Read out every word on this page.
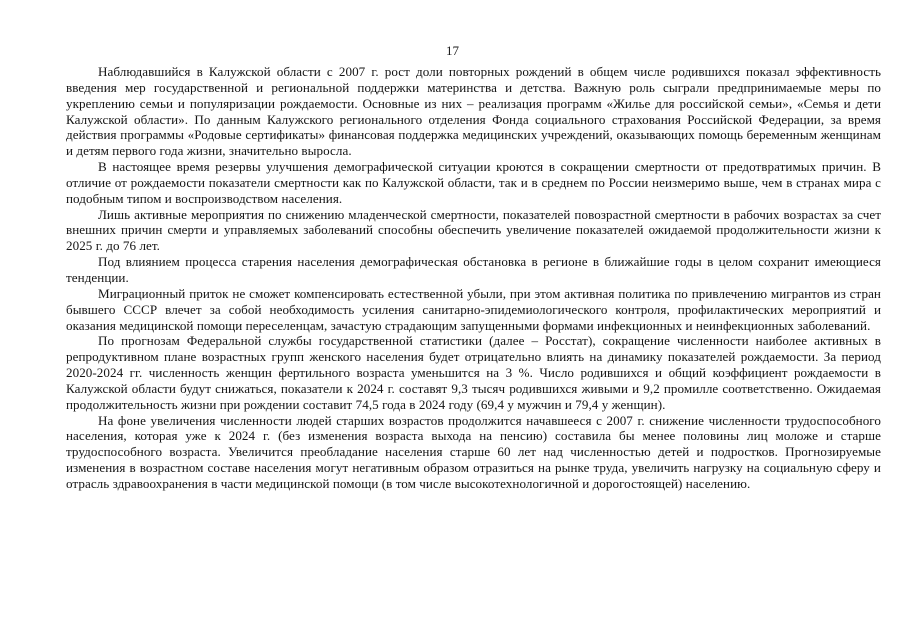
17

Наблюдавшийся в Калужской области с 2007 г. рост доли повторных рождений в общем числе родившихся показал эффективность введения мер государственной и региональной поддержки материнства и детства. Важную роль сыграли предпринимаемые меры по укреплению семьи и популяризации рождаемости. Основные из них – реализация программ «Жилье для российской семьи», «Семья и дети Калужской области». По данным Калужского регионального отделения Фонда социального страхования Российской Федерации, за время действия программы «Родовые сертификаты» финансовая поддержка медицинских учреждений, оказывающих помощь беременным женщинам и детям первого года жизни, значительно выросла.

В настоящее время резервы улучшения демографической ситуации кроются в сокращении смертности от предотвратимых причин. В отличие от рождаемости показатели смертности как по Калужской области, так и в среднем по России неизмеримо выше, чем в странах мира с подобным типом и воспроизводством населения.

Лишь активные мероприятия по снижению младенческой смертности, показателей повозрастной смертности в рабочих возрастах за счет внешних причин смерти и управляемых заболеваний способны обеспечить увеличение показателей ожидаемой продолжительности жизни к 2025 г. до 76 лет.

Под влиянием процесса старения населения демографическая обстановка в регионе в ближайшие годы в целом сохранит имеющиеся тенденции.

Миграционный приток не сможет компенсировать естественной убыли, при этом активная политика по привлечению мигрантов из стран бывшего СССР влечет за собой необходимость усиления санитарно-эпидемиологического контроля, профилактических мероприятий и оказания медицинской помощи переселенцам, зачастую страдающим запущенными формами инфекционных и неинфекционных заболеваний.

По прогнозам Федеральной службы государственной статистики (далее – Росстат), сокращение численности наиболее активных в репродуктивном плане возрастных групп женского населения будет отрицательно влиять на динамику показателей рождаемости. За период 2020-2024 гг. численность женщин фертильного возраста уменьшится на 3 %. Число родившихся и общий коэффициент рождаемости в Калужской области будут снижаться, показатели к 2024 г. составят 9,3 тысяч родившихся живыми и 9,2 промилле соответственно. Ожидаемая продолжительность жизни при рождении составит 74,5 года в 2024 году (69,4 у мужчин и 79,4 у женщин).

На фоне увеличения численности людей старших возрастов продолжится начавшееся с 2007 г. снижение численности трудоспособного населения, которая уже к 2024 г. (без изменения возраста выхода на пенсию) составила бы менее половины лиц моложе и старше трудоспособного возраста. Увеличится преобладание населения старше 60 лет над численностью детей и подростков. Прогнозируемые изменения в возрастном составе населения могут негативным образом отразиться на рынке труда, увеличить нагрузку на социальную сферу и отрасль здравоохранения в части медицинской помощи (в том числе высокотехнологичной и дорогостоящей) населению.
